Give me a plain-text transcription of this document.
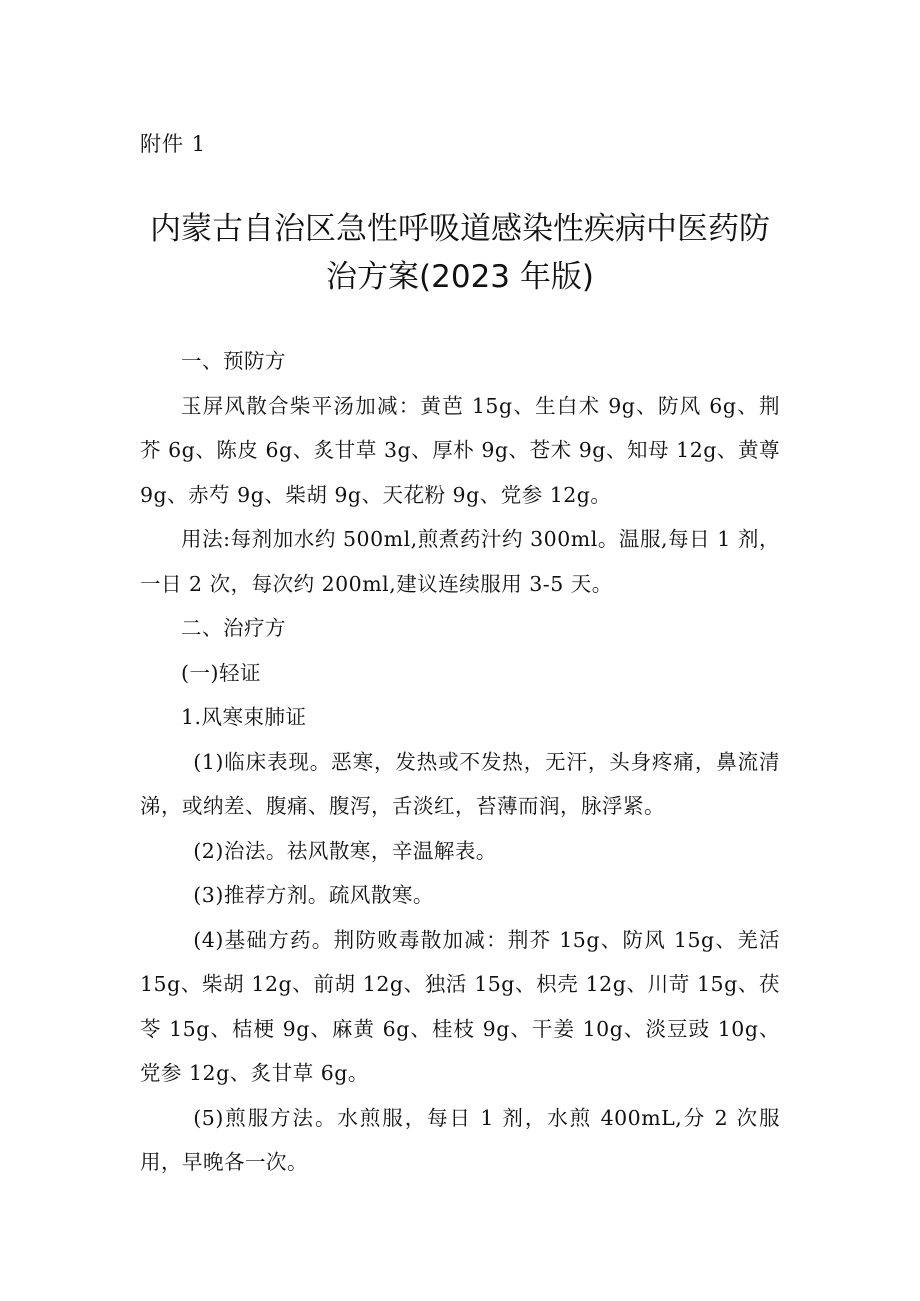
附件 1

内蒙古自治区急性呼吸道感染性疾病中医药防
治方案(2023 年版)

一、预防方

玉屏风散合柴平汤加减：黄芭 15g、生白术 9g、防风 6g、荆芥 6g、陈皮 6g、炙甘草 3g、厚朴 9g、苍术 9g、知母 12g、黄尊 9g、赤芍 9g、柴胡 9g、天花粉 9g、党参 12g。

用法:每剂加水约 500ml,煎煮药汁约 300ml。温服,每日 1 剂，一日 2 次，每次约 200ml,建议连续服用 3-5 天。

二、治疗方

(一)轻证

1.风寒束肺证

(1)临床表现。恶寒，发热或不发热，无汗，头身疼痛，鼻流清涕，或纳差、腹痛、腹泻，舌淡红，苔薄而润，脉浮紧。

(2)治法。祛风散寒，辛温解表。

(3)推荐方剂。疏风散寒。

(4)基础方药。荆防败毒散加减：荆芥 15g、防风 15g、羌活 15g、柴胡 12g、前胡 12g、独活 15g、枳壳 12g、川苛 15g、茯苓 15g、桔梗 9g、麻黄 6g、桂枝 9g、干姜 10g、淡豆豉 10g、党参 12g、炙甘草 6g。

(5)煎服方法。水煎服，每日 1 剂，水煎 400mL,分 2 次服用，早晚各一次。
